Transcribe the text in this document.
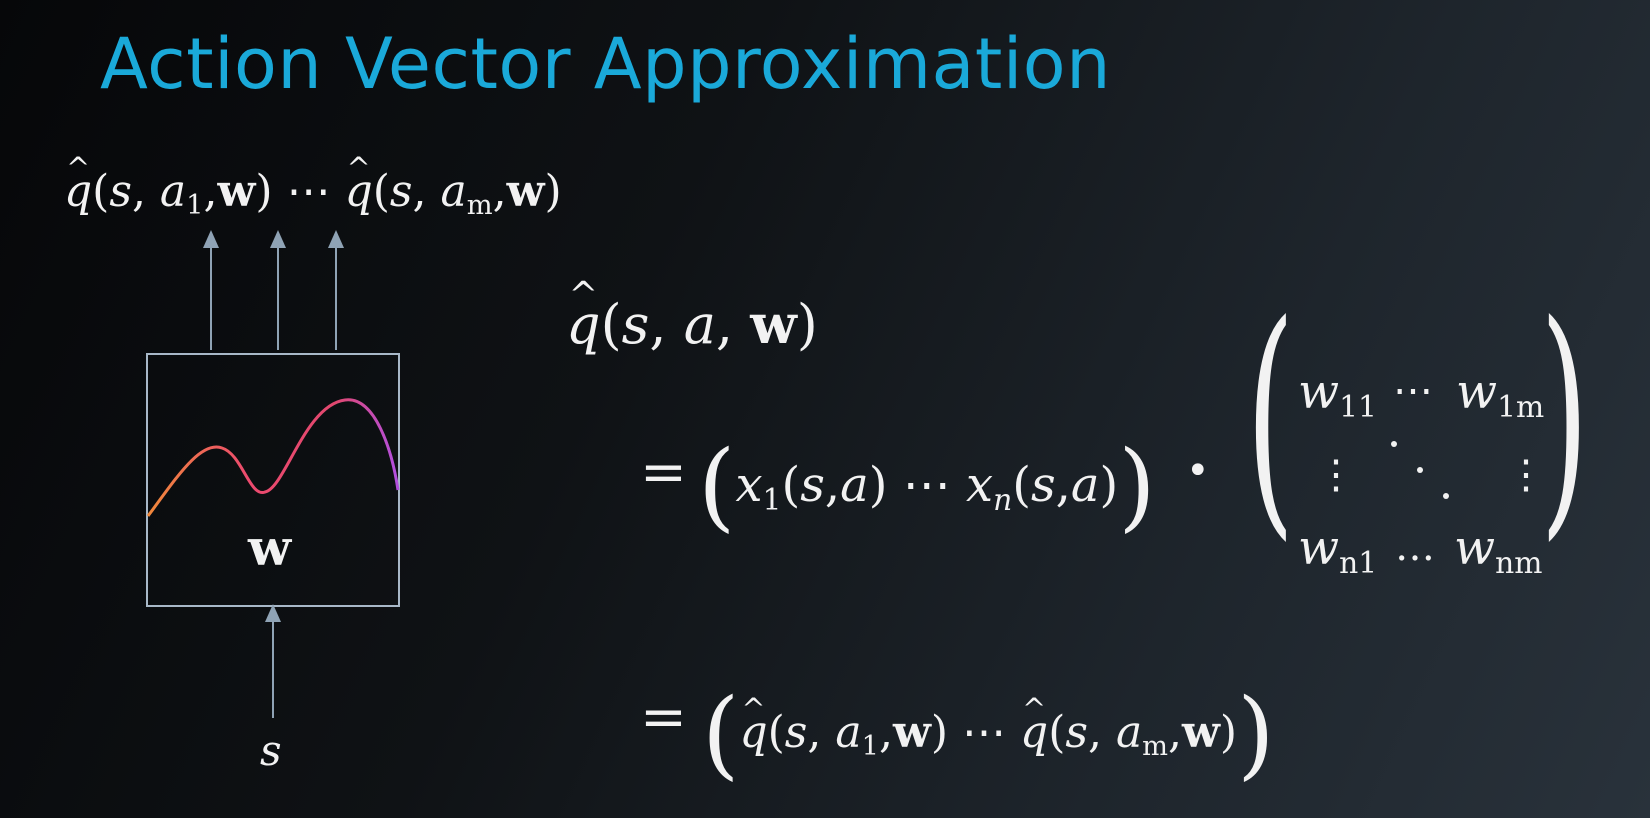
Action Vector Approximation
^ q(s, $a_1,w$) ⋯ ^ q(s, $a_m,w$)
w
s
^ q(s, a, w)
= ($x_1(s,a)$ ⋯ $x_n(s,a)$) • ( )
$w_{11}$ ⋯ $w_{1m}$
⋮	⋮
$w_{n1}$ … $w_{nm}$
= (^ q(s, $a_1,w$) ⋯ ^ q(s, $a_m,w$))
